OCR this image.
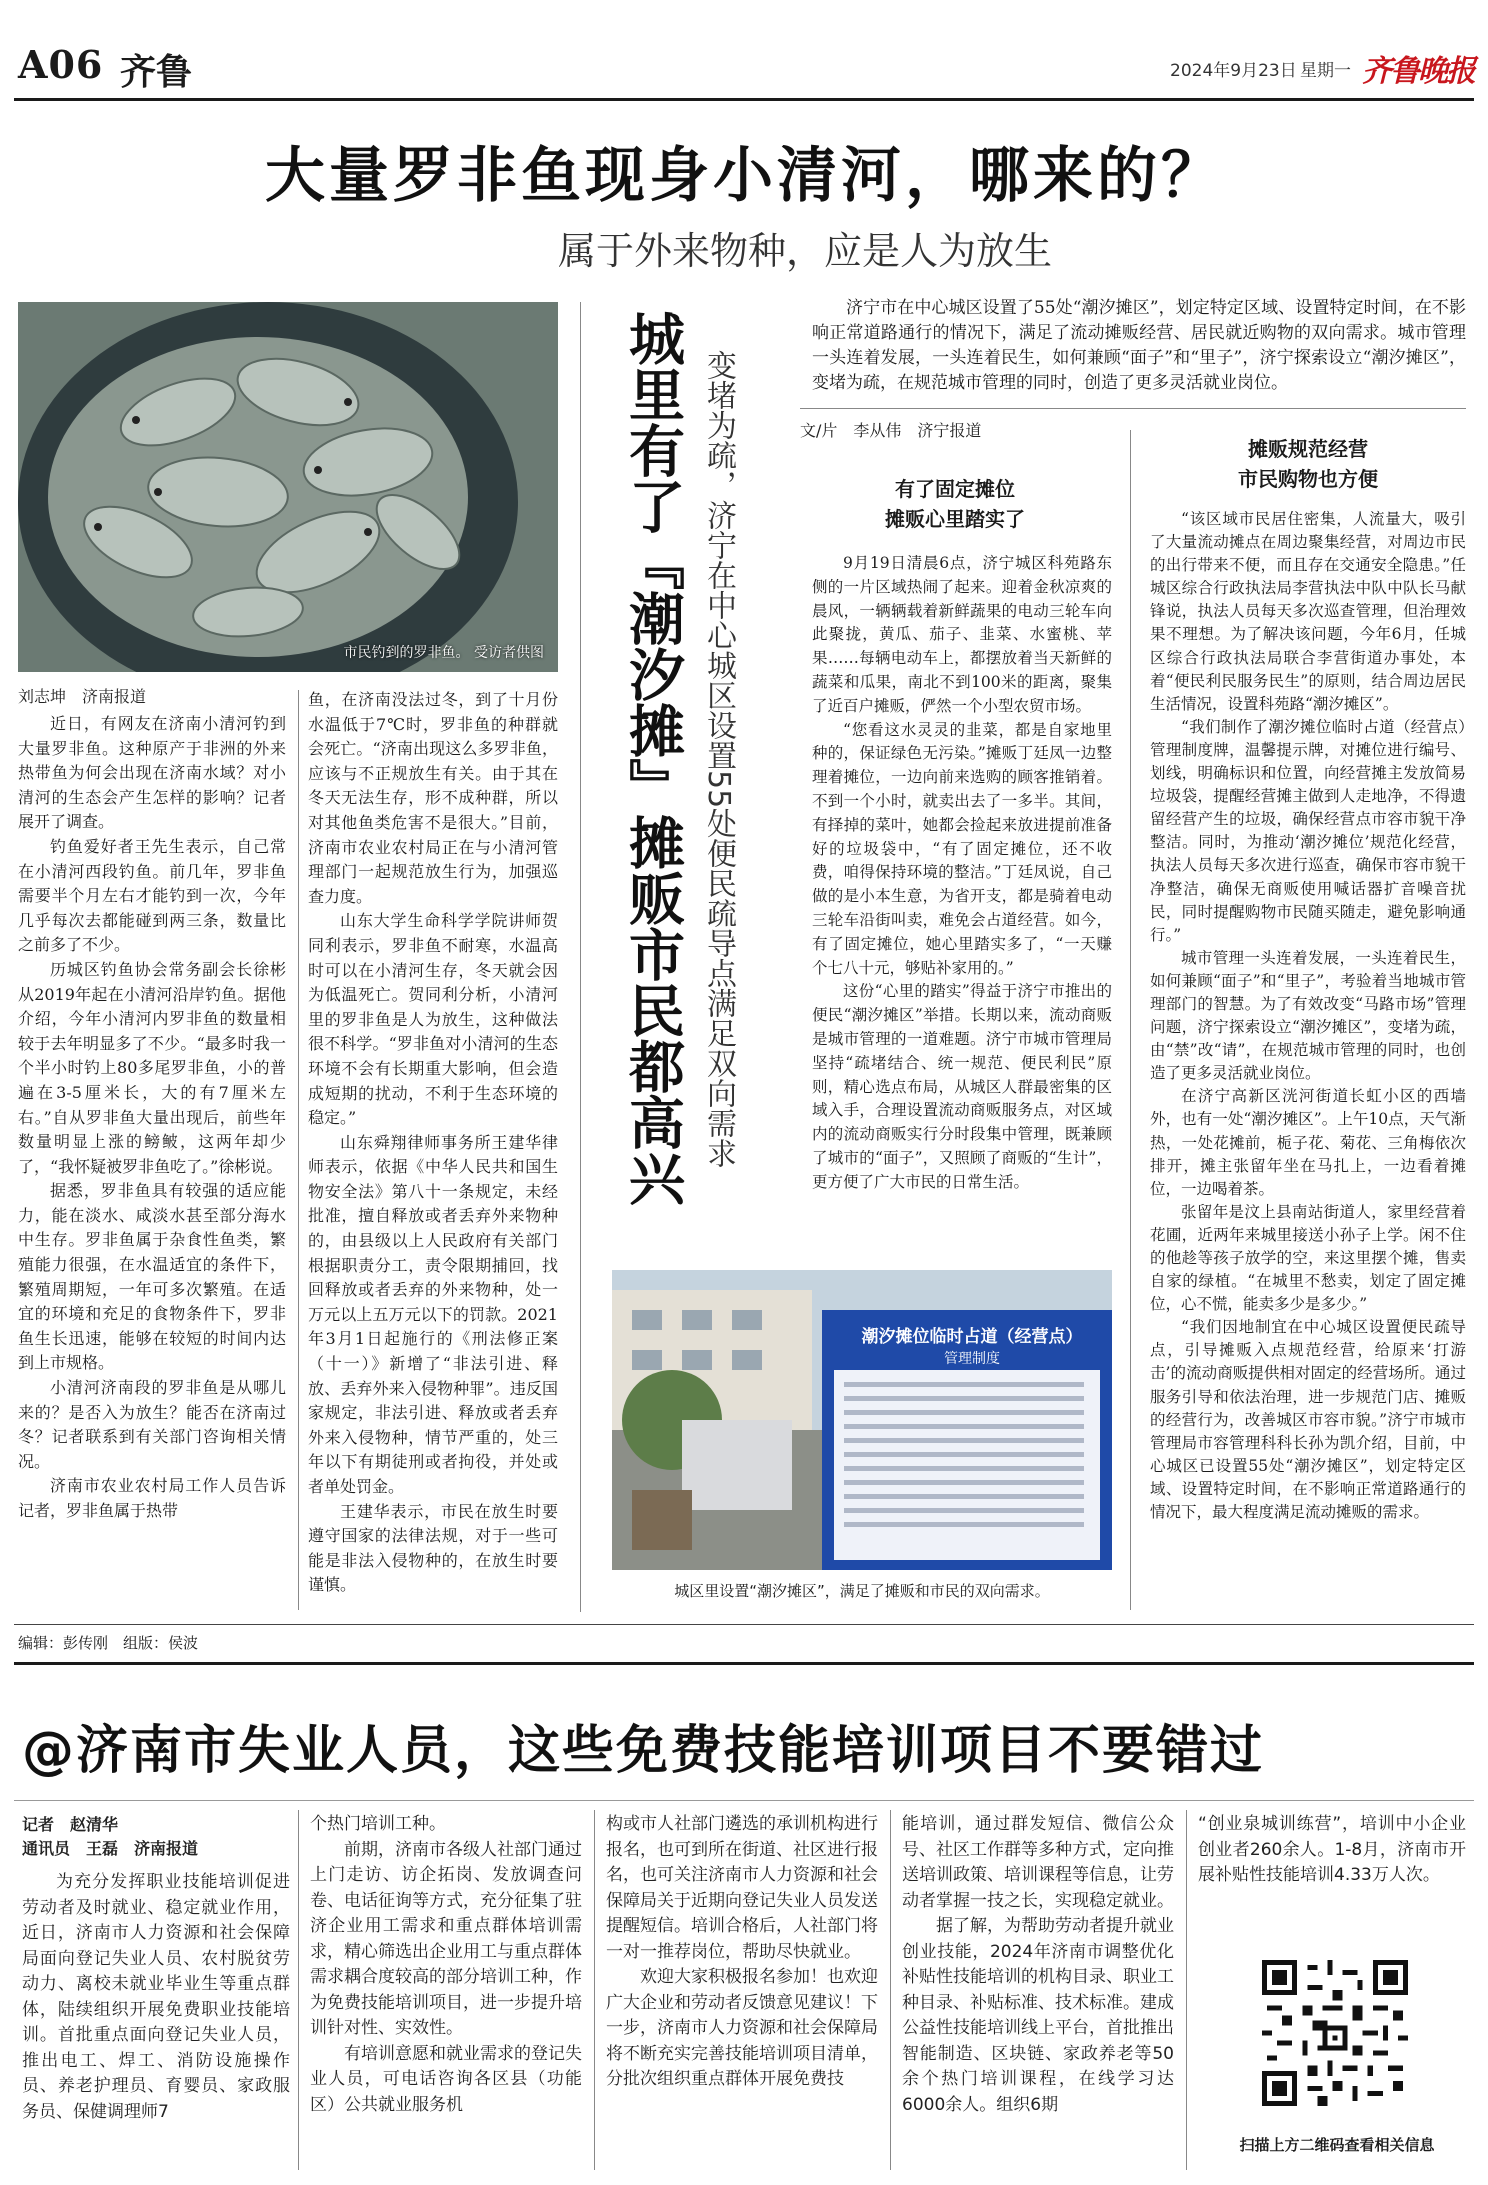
A06 齐鲁	2024年9月23日 星期一 齐鲁晚报
大量罗非鱼现身小清河，哪来的？
属于外来物种，应是人为放生
市民钓到的罗非鱼。 受访者供图
刘志坤　济南报道

近日，有网友在济南小清河钓到大量罗非鱼。这种原产于非洲的外来热带鱼为何会出现在济南水域？对小清河的生态会产生怎样的影响？记者展开了调查。

钓鱼爱好者王先生表示，自己常在小清河西段钓鱼。前几年，罗非鱼需要半个月左右才能钓到一次，今年几乎每次去都能碰到两三条，数量比之前多了不少。

历城区钓鱼协会常务副会长徐彬从2019年起在小清河沿岸钓鱼。据他介绍，今年小清河内罗非鱼的数量相较于去年明显多了不少。“最多时我一个半小时钓上80多尾罗非鱼，小的普遍在3-5厘米长，大的有7厘米左右。”自从罗非鱼大量出现后，前些年数量明显上涨的鳑鲏，这两年却少了，“我怀疑被罗非鱼吃了。”徐彬说。

据悉，罗非鱼具有较强的适应能力，能在淡水、咸淡水甚至部分海水中生存。罗非鱼属于杂食性鱼类，繁殖能力很强，在水温适宜的条件下，繁殖周期短，一年可多次繁殖。在适宜的环境和充足的食物条件下，罗非鱼生长迅速，能够在较短的时间内达到上市规格。

小清河济南段的罗非鱼是从哪儿来的？是否入为放生？能否在济南过冬？记者联系到有关部门咨询相关情况。

济南市农业农村局工作人员告诉记者，罗非鱼属于热带

鱼，在济南没法过冬，到了十月份水温低于7℃时，罗非鱼的种群就会死亡。“济南出现这么多罗非鱼，应该与不正规放生有关。由于其在冬天无法生存，形不成种群，所以对其他鱼类危害不是很大。”目前，济南市农业农村局正在与小清河管理部门一起规范放生行为，加强巡查力度。

山东大学生命科学学院讲师贺同利表示，罗非鱼不耐寒，水温高时可以在小清河生存，冬天就会因为低温死亡。贺同利分析，小清河里的罗非鱼是人为放生，这种做法很不科学。“罗非鱼对小清河的生态环境不会有长期重大影响，但会造成短期的扰动，不利于生态环境的稳定。”

山东舜翔律师事务所王建华律师表示，依据《中华人民共和国生物安全法》第八十一条规定，未经批准，擅自释放或者丢弃外来物种的，由县级以上人民政府有关部门根据职责分工，责令限期捕回，找回释放或者丢弃的外来物种，处一万元以上五万元以下的罚款。2021年3月1日起施行的《刑法修正案（十一）》新增了“非法引进、释放、丢弃外来入侵物种罪”。违反国家规定，非法引进、释放或者丢弃外来入侵物种，情节严重的，处三年以下有期徒刑或者拘役，并处或者单处罚金。

王建华表示，市民在放生时要遵守国家的法律法规，对于一些可能是非法入侵物种的，在放生时要谨慎。

城里有了『潮汐摊』摊贩市民都高兴 变堵为疏，济宁在中心城区设置55处便民疏导点满足双向需求
济宁市在中心城区设置了55处“潮汐摊区”，划定特定区域、设置特定时间，在不影响正常道路通行的情况下，满足了流动摊贩经营、居民就近购物的双向需求。城市管理一头连着发展，一头连着民生，如何兼顾“面子”和“里子”，济宁探索设立“潮汐摊区”，变堵为疏，在规范城市管理的同时，创造了更多灵活就业岗位。
文/片　李从伟　济宁报道
有了固定摊位
摊贩心里踏实了

9月19日清晨6点，济宁城区科苑路东侧的一片区域热闹了起来。迎着金秋凉爽的晨风，一辆辆载着新鲜蔬果的电动三轮车向此聚拢，黄瓜、茄子、韭菜、水蜜桃、苹果……每辆电动车上，都摆放着当天新鲜的蔬菜和瓜果，南北不到100米的距离，聚集了近百户摊贩，俨然一个小型农贸市场。

“您看这水灵灵的韭菜，都是自家地里种的，保证绿色无污染。”摊贩丁廷凤一边整理着摊位，一边向前来选购的顾客推销着。不到一个小时，就卖出去了一多半。其间，有择掉的菜叶，她都会捡起来放进提前准备好的垃圾袋中，“有了固定摊位，还不收费，咱得保持环境的整洁。”丁廷凤说，自己做的是小本生意，为省开支，都是骑着电动三轮车沿街叫卖，难免会占道经营。如今，有了固定摊位，她心里踏实多了，“一天赚个七八十元，够贴补家用的。”

这份“心里的踏实”得益于济宁市推出的便民“潮汐摊区”举措。长期以来，流动商贩是城市管理的一道难题。济宁市城市管理局坚持“疏堵结合、统一规范、便民利民”原则，精心选点布局，从城区人群最密集的区域入手，合理设置流动商贩服务点，对区域内的流动商贩实行分时段集中管理，既兼顾了城市的“面子”，又照顾了商贩的“生计”，更方便了广大市民的日常生活。

摊贩规范经营
市民购物也方便

“该区域市民居住密集，人流量大，吸引了大量流动摊点在周边聚集经营，对周边市民的出行带来不便，而且存在交通安全隐患。”任城区综合行政执法局李营执法中队中队长马献锋说，执法人员每天多次巡查管理，但治理效果不理想。为了解决该问题，今年6月，任城区综合行政执法局联合李营街道办事处，本着“便民利民服务民生”的原则，结合周边居民生活情况，设置科苑路“潮汐摊区”。

“我们制作了潮汐摊位临时占道（经营点）管理制度牌，温馨提示牌，对摊位进行编号、划线，明确标识和位置，向经营摊主发放简易垃圾袋，提醒经营摊主做到人走地净，不得遗留经营产生的垃圾，确保经营点市容市貌干净整洁。同时，为推动‘潮汐摊位’规范化经营，执法人员每天多次进行巡查，确保市容市貌干净整洁，确保无商贩使用喊话器扩音噪音扰民，同时提醒购物市民随买随走，避免影响通行。”

城市管理一头连着发展，一头连着民生，如何兼顾“面子”和“里子”，考验着当地城市管理部门的智慧。为了有效改变“马路市场”管理问题，济宁探索设立“潮汐摊区”，变堵为疏，由“禁”改“请”，在规范城市管理的同时，也创造了更多灵活就业岗位。

在济宁高新区洸河街道长虹小区的西墙外，也有一处“潮汐摊区”。上午10点，天气渐热，一处花摊前，栀子花、菊花、三角梅依次排开，摊主张留年坐在马扎上，一边看着摊位，一边喝着茶。

张留年是汶上县南站街道人，家里经营着花圃，近两年来城里接送小孙子上学。闲不住的他趁等孩子放学的空，来这里摆个摊，售卖自家的绿植。“在城里不愁卖，划定了固定摊位，心不慌，能卖多少是多少。”

“我们因地制宜在中心城区设置便民疏导点，引导摊贩入点规范经营，给原来‘打游击’的流动商贩提供相对固定的经营场所。通过服务引导和依法治理，进一步规范门店、摊贩的经营行为，改善城区市容市貌。”济宁市城市管理局市容管理科科长孙为凯介绍，目前，中心城区已设置55处“潮汐摊区”，划定特定区域、设置特定时间，在不影响正常道路通行的情况下，最大程度满足流动摊贩的需求。

潮汐摊位临时占道（经营点）
管理制度
城区里设置“潮汐摊区”，满足了摊贩和市民的双向需求。
编辑：彭传刚　组版：侯波
@济南市失业人员，这些免费技能培训项目不要错过
记者　赵清华
通讯员　王磊　济南报道
为充分发挥职业技能培训促进劳动者及时就业、稳定就业作用，近日，济南市人力资源和社会保障局面向登记失业人员、农村脱贫劳动力、离校未就业毕业生等重点群体，陆续组织开展免费职业技能培训。首批重点面向登记失业人员，推出电工、焊工、消防设施操作员、养老护理员、育婴员、家政服务员、保健调理师7
个热门培训工种。
前期，济南市各级人社部门通过上门走访、访企拓岗、发放调查问卷、电话征询等方式，充分征集了驻济企业用工需求和重点群体培训需求，精心筛选出企业用工与重点群体需求耦合度较高的部分培训工种，作为免费技能培训项目，进一步提升培训针对性、实效性。
有培训意愿和就业需求的登记失业人员，可电话咨询各区县（功能区）公共就业服务机
构或市人社部门遴选的承训机构进行报名，也可到所在街道、社区进行报名，也可关注济南市人力资源和社会保障局关于近期向登记失业人员发送提醒短信。培训合格后，人社部门将一对一推荐岗位，帮助尽快就业。
欢迎大家积极报名参加！也欢迎广大企业和劳动者反馈意见建议！下一步，济南市人力资源和社会保障局将不断充实完善技能培训项目清单，分批次组织重点群体开展免费技
能培训，通过群发短信、微信公众号、社区工作群等多种方式，定向推送培训政策、培训课程等信息，让劳动者掌握一技之长，实现稳定就业。
据了解，为帮助劳动者提升就业创业技能，2024年济南市调整优化补贴性技能培训的机构目录、职业工种目录、补贴标准、技术标准。建成公益性技能培训线上平台，首批推出智能制造、区块链、家政养老等50余个热门培训课程，在线学习达6000余人。组织6期
“创业泉城训练营”，培训中小企业创业者260余人。1-8月，济南市开展补贴性技能培训4.33万人次。
扫描上方二维码查看相关信息
